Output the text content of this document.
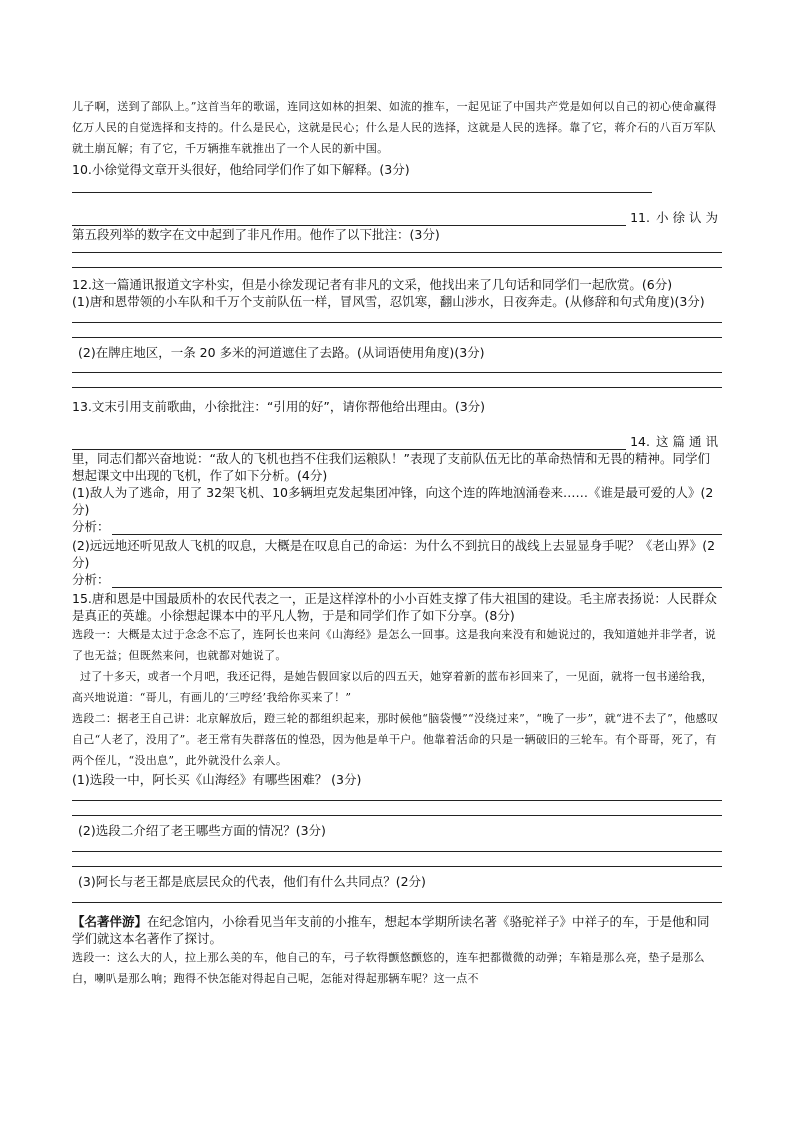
儿子啊，送到了部队上。”这首当年的歌谣，连同这如林的担架、如流的推车，一起见证了中国共产党是如何以自己的初心使命赢得亿万人民的自觉选择和支持的。什么是民心，这就是民心；什么是人民的选择，这就是人民的选择。靠了它，蒋介石的八百万军队就土崩瓦解；有了它，千万辆推车就推出了一个人民的新中国。

10.小徐觉得文章开头很好，他给同学们作了如下解释。(3分)

11. 小徐认为

第五段列举的数字在文中起到了非凡作用。他作了以下批注：(3分)

12.这一篇通讯报道文字朴实，但是小徐发现记者有非凡的文采，他找出来了几句话和同学们一起欣赏。(6分)

(1)唐和恩带领的小车队和千万个支前队伍一样，冒风雪，忍饥寒，翻山涉水，日夜奔走。(从修辞和句式角度)(3分)

(2)在牌庄地区，一条 20 多米的河道遮住了去路。(从词语使用角度)(3分)

13.文末引用支前歌曲，小徐批注：“引用的好”，请你帮他给出理由。(3分)

14. 这篇通讯

里，同志们都兴奋地说：“敌人的飞机也挡不住我们运粮队！”表现了支前队伍无比的革命热情和无畏的精神。同学们想起课文中出现的飞机，作了如下分析。(4分)

(1)敌人为了逃命，用了 32架飞机、10多辆坦克发起集团冲锋，向这个连的阵地汹涌卷来……《谁是最可爱的人》(2分)

分析：

(2)远远地还听见敌人飞机的叹息，大概是在叹息自己的命运：为什么不到抗日的战线上去显显身手呢？《老山界》(2分)

分析：

15.唐和恩是中国最质朴的农民代表之一，正是这样淳朴的小小百姓支撑了伟大祖国的建设。毛主席表扬说：人民群众是真正的英雄。小徐想起课本中的平凡人物，于是和同学们作了如下分享。(8分)

选段一：大概是太过于念念不忘了，连阿长也来问《山海经》是怎么一回事。这是我向来没有和她说过的，我知道她并非学者，说了也无益；但既然来问，也就都对她说了。

过了十多天，或者一个月吧，我还记得，是她告假回家以后的四五天，她穿着新的蓝布衫回来了，一见面，就将一包书递给我，高兴地说道：“哥儿，有画儿的‘三哼经’我给你买来了！”

选段二：据老王自己讲：北京解放后，蹬三轮的都组织起来，那时候他“脑袋慢”“没绕过来”，“晚了一步”，就“进不去了”，他感叹自己“人老了，没用了”。老王常有失群落伍的惶恐，因为他是单干户。他靠着活命的只是一辆破旧的三轮车。有个哥哥，死了，有两个侄儿，“没出息”，此外就没什么亲人。

(1)选段一中，阿长买《山海经》有哪些困难？ (3分)

(2)选段二介绍了老王哪些方面的情况？(3分)

(3)阿长与老王都是底层民众的代表，他们有什么共同点？(2分)

【名著伴游】在纪念馆内，小徐看见当年支前的小推车，想起本学期所读名著《骆驼祥子》中祥子的车，于是他和同学们就这本名著作了探讨。

选段一：这么大的人，拉上那么美的车，他自己的车，弓子软得颤悠颤悠的，连车把都微微的动弹；车箱是那么亮，垫子是那么白，喇叭是那么响；跑得不快怎能对得起自己呢，怎能对得起那辆车呢？这一点不
